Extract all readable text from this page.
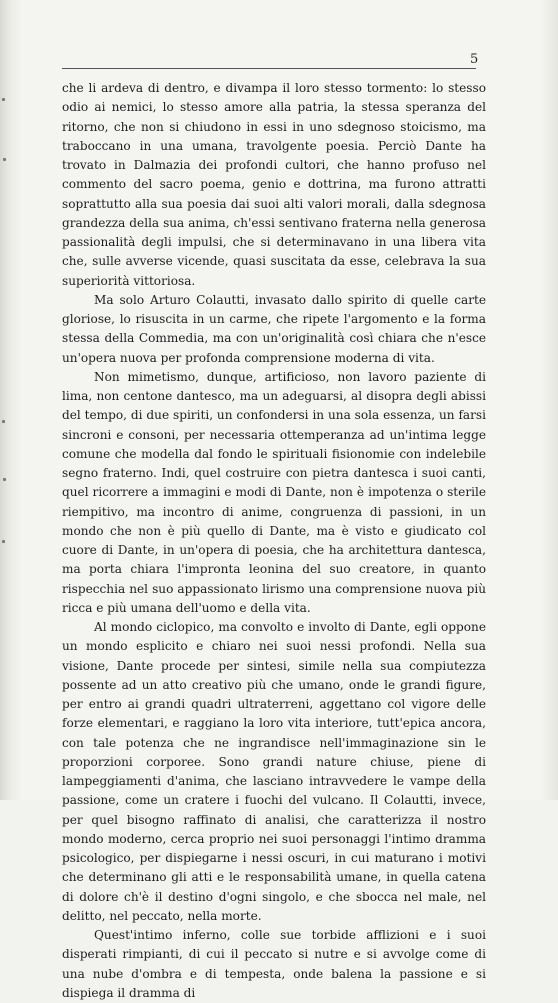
5

che li ardeva di dentro, e divampa il loro stesso tormento: lo stesso odio ai nemici, lo stesso amore alla patria, la stessa speranza del ritorno, che non si chiudono in essi in uno sdegnoso stoicismo, ma traboccano in una umana, travolgente poesia. Perciò Dante ha trovato in Dalmazia dei profondi cultori, che hanno profuso nel commento del sacro poema, genio e dottrina, ma furono attratti soprattutto alla sua poesia dai suoi alti valori morali, dalla sdegnosa grandezza della sua anima, ch'essi sentivano fraterna nella generosa passionalità degli impulsi, che si determinavano in una libera vita che, sulle avverse vicende, quasi suscitata da esse, celebrava la sua superiorità vittoriosa.

Ma solo Arturo Colautti, invasato dallo spirito di quelle carte gloriose, lo risuscita in un carme, che ripete l'argomento e la forma stessa della Commedia, ma con un'originalità così chiara che n'esce un'opera nuova per profonda comprensione moderna di vita.

Non mimetismo, dunque, artificioso, non lavoro paziente di lima, non centone dantesco, ma un adeguarsi, al disopra degli abissi del tempo, di due spiriti, un confondersi in una sola essenza, un farsi sincroni e consoni, per necessaria ottemperanza ad un'intima legge comune che modella dal fondo le spirituali fisionomie con indelebile segno fraterno. Indi, quel costruire con pietra dantesca i suoi canti, quel ricorrere a immagini e modi di Dante, non è impotenza o sterile riempitivo, ma incontro di anime, congruenza di passioni, in un mondo che non è più quello di Dante, ma è visto e giudicato col cuore di Dante, in un'opera di poesia, che ha architettura dantesca, ma porta chiara l'impronta leonina del suo creatore, in quanto rispecchia nel suo appassionato lirismo una comprensione nuova più ricca e più umana dell'uomo e della vita.

Al mondo ciclopico, ma convolto e involto di Dante, egli oppone un mondo esplicito e chiaro nei suoi nessi profondi. Nella sua visione, Dante procede per sintesi, simile nella sua compiutezza possente ad un atto creativo più che umano, onde le grandi figure, per entro ai grandi quadri ultraterreni, aggettano col vigore delle forze elementari, e raggiano la loro vita interiore, tutt'epica ancora, con tale potenza che ne ingrandisce nell'immaginazione sin le proporzioni corporee. Sono grandi nature chiuse, piene di lampeggiamenti d'anima, che lasciano intravvedere le vampe della passione, come un cratere i fuochi del vulcano. Il Colautti, invece, per quel bisogno raffinato di analisi, che caratterizza il nostro mondo moderno, cerca proprio nei suoi personaggi l'intimo dramma psicologico, per dispiegarne i nessi oscuri, in cui maturano i motivi che determinano gli atti e le responsabilità umane, in quella catena di dolore ch'è il destino d'ogni singolo, e che sbocca nel male, nel delitto, nel peccato, nella morte.

Quest'intimo inferno, colle sue torbide afflizioni e i suoi disperati rimpianti, di cui il peccato si nutre e si avvolge come di una nube d'ombra e di tempesta, onde balena la passione e si dispiega il dramma di
